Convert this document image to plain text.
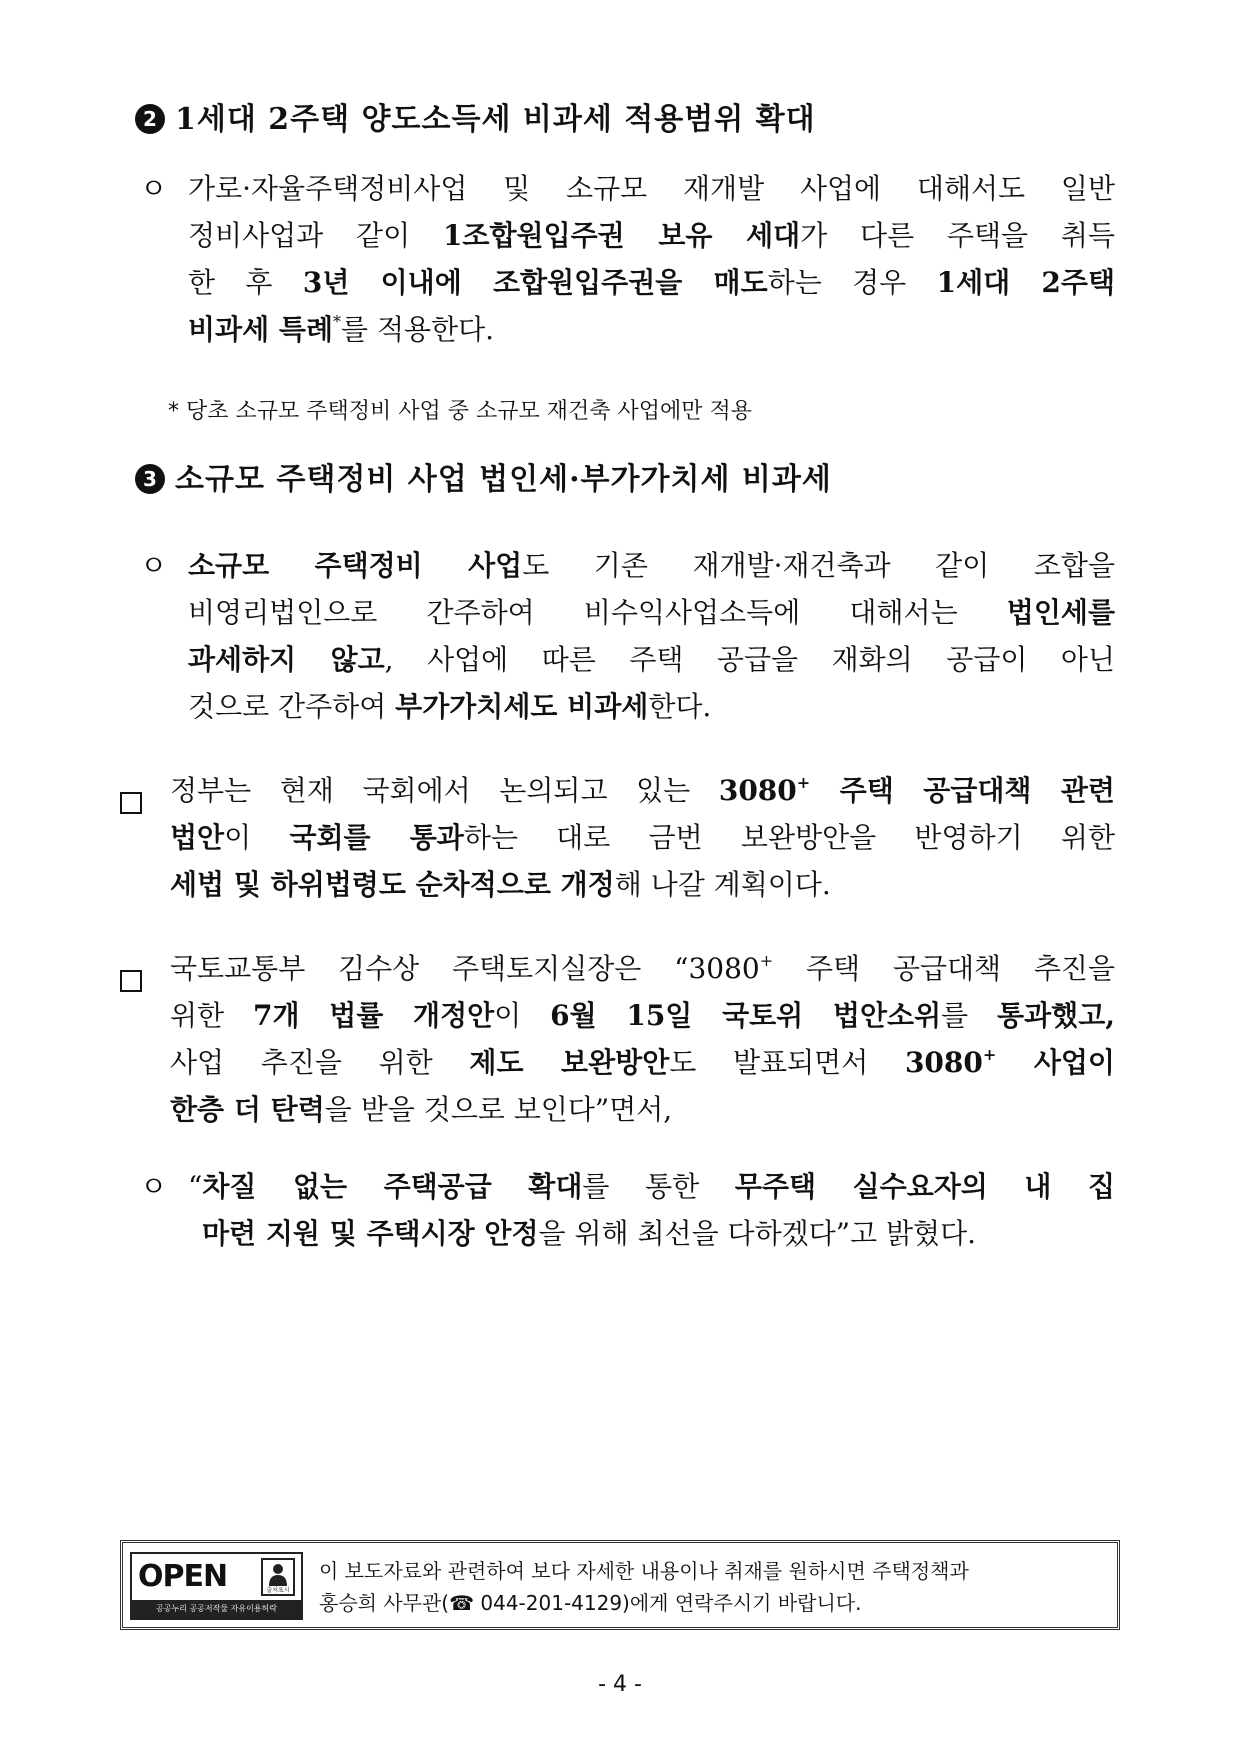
2 1세대 2주택 양도소득세 비과세 적용범위 확대
ㅇ 가로·자율주택정비사업 및 소규모 재개발 사업에 대해서도 일반
정비사업과 같이 1조합원입주권 보유 세대가 다른 주택을 취득
한 후 3년 이내에 조합원입주권을 매도하는 경우 1세대 2주택
비과세 특례*를 적용한다.
* 당초 소규모 주택정비 사업 중 소규모 재건축 사업에만 적용
3 소규모 주택정비 사업 법인세·부가가치세 비과세
ㅇ 소규모 주택정비 사업도 기존 재개발·재건축과 같이 조합을
비영리법인으로 간주하여 비수익사업소득에 대해서는 법인세를
과세하지 않고, 사업에 따른 주택 공급을 재화의 공급이 아닌
것으로 간주하여 부가가치세도 비과세한다.
정부는 현재 국회에서 논의되고 있는 3080+ 주택 공급대책 관련
법안이 국회를 통과하는 대로 금번 보완방안을 반영하기 위한
세법 및 하위법령도 순차적으로 개정해 나갈 계획이다.
국토교통부 김수상 주택토지실장은 “3080+ 주택 공급대책 추진을
위한 7개 법률 개정안이 6월 15일 국토위 법안소위를 통과했고,
사업 추진을 위한 제도 보완방안도 발표되면서 3080+ 사업이
한층 더 탄력을 받을 것으로 보인다”면서,
ㅇ “차질 없는 주택공급 확대를 통한 무주택 실수요자의 내 집
마련 지원 및 주택시장 안정을 위해 최선을 다하겠다”고 밝혔다.
OPEN	출처표시
공공누리 공공저작물 자유이용허락
이 보도자료와 관련하여 보다 자세한 내용이나 취재를 원하시면 주택정책과
홍승희 사무관(☎ 044-201-4129)에게 연락주시기 바랍니다.
- 4 -
